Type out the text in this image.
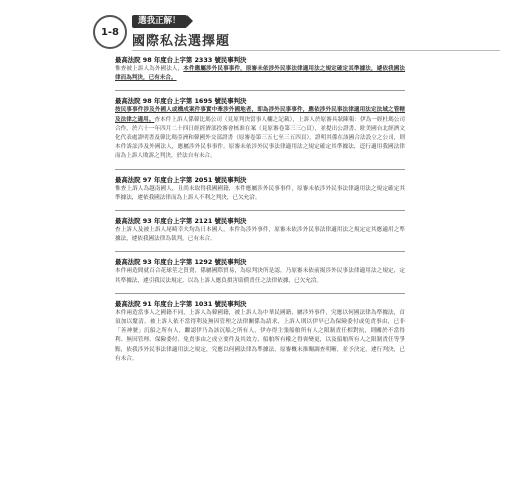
1-8
選我正解！
國際私法選擇題
最高法院 98 年度台上字第 2333 號民事判決
惟查被上訴人為外國法人，本件應屬涉外民事事件，原審未依涉外民事法律適用法之規定確定其準據法，遽依我國法律而為判決，已有未合。
最高法院 98 年度台上字第 1695 號民事判決
按民事事件涉及外國人或構成案件事實中牽涉外國地者，即為涉外民事事件，應依涉外民事法律適用法定法域之管轄及法律之適用。查本件上訴人係韓比瑪公司（見原判決當事人欄之記載），上訴人於原審具狀陳報：伊為一經杜瑪公司合作，於六十一年四月二十四日經經濟部投審會核准在案（見原審卷第三三○頁），並提出公證書、駐美國台北經濟文化代表處證明書及韓比瑪亞洲和韓國外交部證書（原審卷第三五七至三五四頁），證明其係在該國合法設立之公司，則本件訴訟涉及外國法人，應屬涉外民事事件。原審未依涉外民事法律適用法之規定確定其準據法，逕行適用我國法律而為上訴人敗訴之判決，於法自有未合。
最高法院 97 年度台上字第 2051 號民事判決
惟查上訴人為越南國人，且尚未取得我國國籍，本件應屬涉外民事事件，原審未依涉外民事法律適用法之規定確定其準據法，遽依我國法律而為上訴人不利之判決，已欠允洽。
最高法院 93 年度台上字第 2121 號民事判決
查上訴人及被上訴人尾崎幸夫均為日本國人，本件為涉外事件，原審未依涉外民事法律適用法之規定定其應適用之準據法，遽依我國法律為裁判，已有未合。
最高法院 93 年度台上字第 1292 號民事判決
本件兩造間就百合花球莖之買賣，係屬國際貿易，為原判決所是認，乃原審未依前揭涉外民事法律適用法之規定，定其準據法，遽引我民法規定，以為上訴人應負損害賠償責任之法律依據，已欠允洽。
最高法院 91 年度台上字第 1031 號民事判決
本件兩造當事人之國籍不同，上訴人為韓國籍，被上訴人為中華民國籍，屬涉外事件，究應以何國法律為準據法，首須加以釐清。被上訴人依不當得利及無因管理之法律關係為請求，上訴人則以伊早已為保險委付或免責事由，已非「善神號」沉船之所有人，繼認伊乃為該沉船之所有人，伊亦得主張船舶所有人之限制責任相對抗，則關於不當得利、無因管理、保險委付、免責事由之成立要件及其效力、船舶所有權之得喪變更，以及船舶所有人之限制責任等爭點，依我涉外民事法律適用法之規定，究應以何國法律為準據法，原審概未推闡調查明晰，並予決定，遽行判決，已有未合。
